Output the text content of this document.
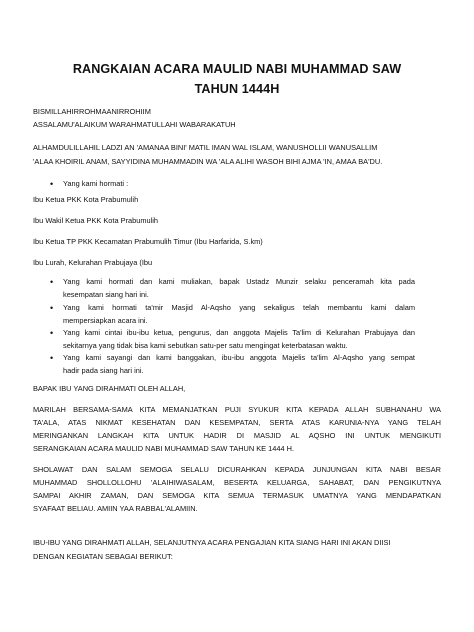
RANGKAIAN ACARA MAULID NABI MUHAMMAD SAW
TAHUN 1444H
BISMILLAHIRROHMAANIRROHIIM
ASSALAMU'ALAIKUM WARAHMATULLAHI WABARAKATUH
ALHAMDULILLAHIL LADZI AN 'AMANAA BINI' MATIL IMAN WAL ISLAM, WANUSHOLLII WANUSALLIM
'ALAA KHOIRIL ANAM, SAYYIDINA MUHAMMADIN WA 'ALA ALIHI WASOH BIHI AJMA 'IN, AMAA BA'DU.
• Yang kami hormati :
Ibu Ketua PKK Kota Prabumulih
Ibu Wakil Ketua PKK Kota Prabumulih
Ibu Ketua TP PKK Kecamatan Prabumulih Timur (Ibu Harfarida, S.km)
Ibu Lurah, Kelurahan Prabujaya (Ibu
• Yang kami hormati dan kami muliakan, bapak Ustadz Munzir selaku penceramah kita pada
kesempatan siang hari ini.
• Yang kami hormati ta'mir Masjid Al-Aqsho yang sekaligus telah membantu kami dalam
mempersiapkan acara ini.
• Yang kami cintai ibu-ibu ketua, pengurus, dan anggota Majelis Ta'lim di Kelurahan Prabujaya dan
sekitarnya yang tidak bisa kami sebutkan satu-per satu mengingat keterbatasan waktu.
• Yang kami sayangi dan kami banggakan, ibu-ibu anggota Majelis ta'lim Al-Aqsho yang sempat
hadir pada siang hari ini.
BAPAK IBU YANG DIRAHMATI OLEH ALLAH,
MARILAH BERSAMA-SAMA KITA MEMANJATKAN PUJI SYUKUR KITA KEPADA ALLAH SUBHANAHU WA
TA'ALA, ATAS NIKMAT KESEHATAN DAN KESEMPATAN, SERTA ATAS KARUNIA-NYA YANG TELAH
MERINGANKAN LANGKAH KITA UNTUK HADIR DI MASJID AL AQSHO INI UNTUK MENGIKUTI
SERANGKAIAN ACARA MAULID NABI MUHAMMAD SAW TAHUN KE 1444 H.
SHOLAWAT DAN SALAM SEMOGA SELALU DICURAHKAN KEPADA JUNJUNGAN KITA NABI BESAR
MUHAMMAD SHOLLOLLOHU 'ALAIHIWASALAM, BESERTA KELUARGA, SAHABAT, DAN PENGIKUTNYA
SAMPAI AKHIR ZAMAN, DAN SEMOGA KITA SEMUA TERMASUK UMATNYA YANG MENDAPATKAN
SYAFAAT BELIAU. AMIIN YAA RABBAL'ALAMIIN.
IBU-IBU YANG DIRAHMATI ALLAH, SELANJUTNYA ACARA PENGAJIAN KITA SIANG HARI INI AKAN DIISI
DENGAN KEGIATAN SEBAGAI BERIKUT:
